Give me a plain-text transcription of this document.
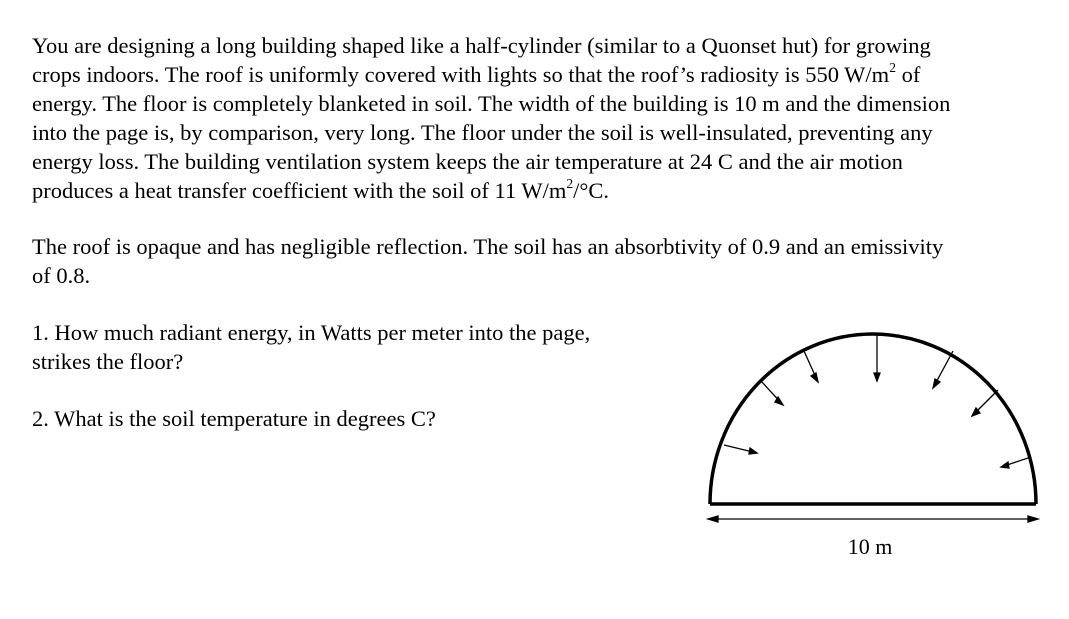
You are designing a long building shaped like a half-cylinder (similar to a Quonset hut) for growing
crops indoors. The roof is uniformly covered with lights so that the roof’s radiosity is 550 $W/m^2$ of
energy. The floor is completely blanketed in soil. The width of the building is 10 m and the dimension
into the page is, by comparison, very long. The floor under the soil is well-insulated, preventing any
energy loss. The building ventilation system keeps the air temperature at 24 C and the air motion
produces a heat transfer coefficient with the soil of 11 $W/m^2/^\circ C$.
The roof is opaque and has negligible reflection. The soil has an absorbtivity of 0.9 and an emissivity
of 0.8.
1. How much radiant energy, in Watts per meter into the page,
strikes the floor?
2. What is the soil temperature in degrees C?
10 m
